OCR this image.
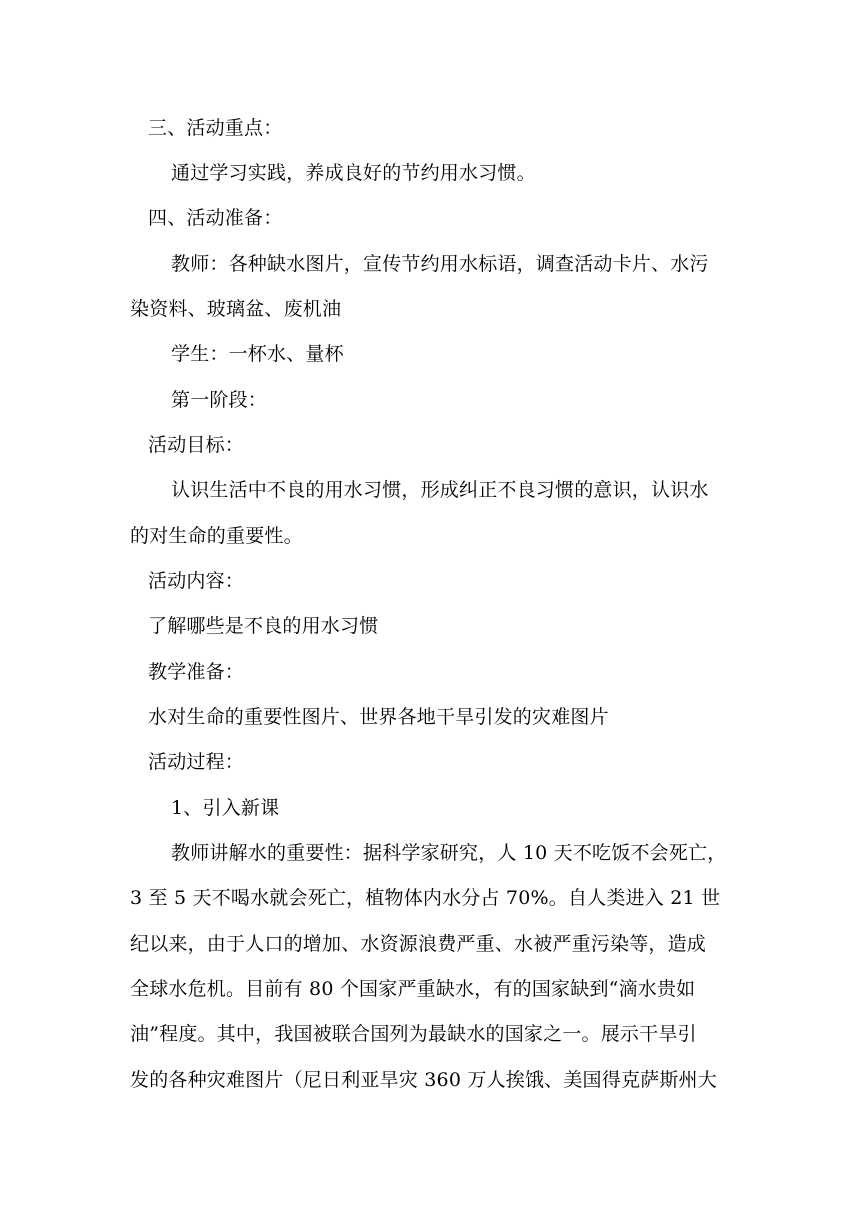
三、活动重点：
通过学习实践，养成良好的节约用水习惯。
四、活动准备：
教师：各种缺水图片，宣传节约用水标语，调查活动卡片、水污
染资料、玻璃盆、废机油
学生：一杯水、量杯
第一阶段：
活动目标：
认识生活中不良的用水习惯，形成纠正不良习惯的意识，认识水
的对生命的重要性。
活动内容：
了解哪些是不良的用水习惯
教学准备：
水对生命的重要性图片、世界各地干旱引发的灾难图片
活动过程：
1、引入新课
教师讲解水的重要性：据科学家研究，人 10 天不吃饭不会死亡，
3 至 5 天不喝水就会死亡，植物体内水分占 70%。自人类进入 21 世
纪以来，由于人口的增加、水资源浪费严重、水被严重污染等，造成
全球水危机。目前有 80 个国家严重缺水，有的国家缺到“滴水贵如
油”程度。其中，我国被联合国列为最缺水的国家之一。展示干旱引
发的各种灾难图片（尼日利亚旱灾 360 万人挨饿、美国得克萨斯州大
